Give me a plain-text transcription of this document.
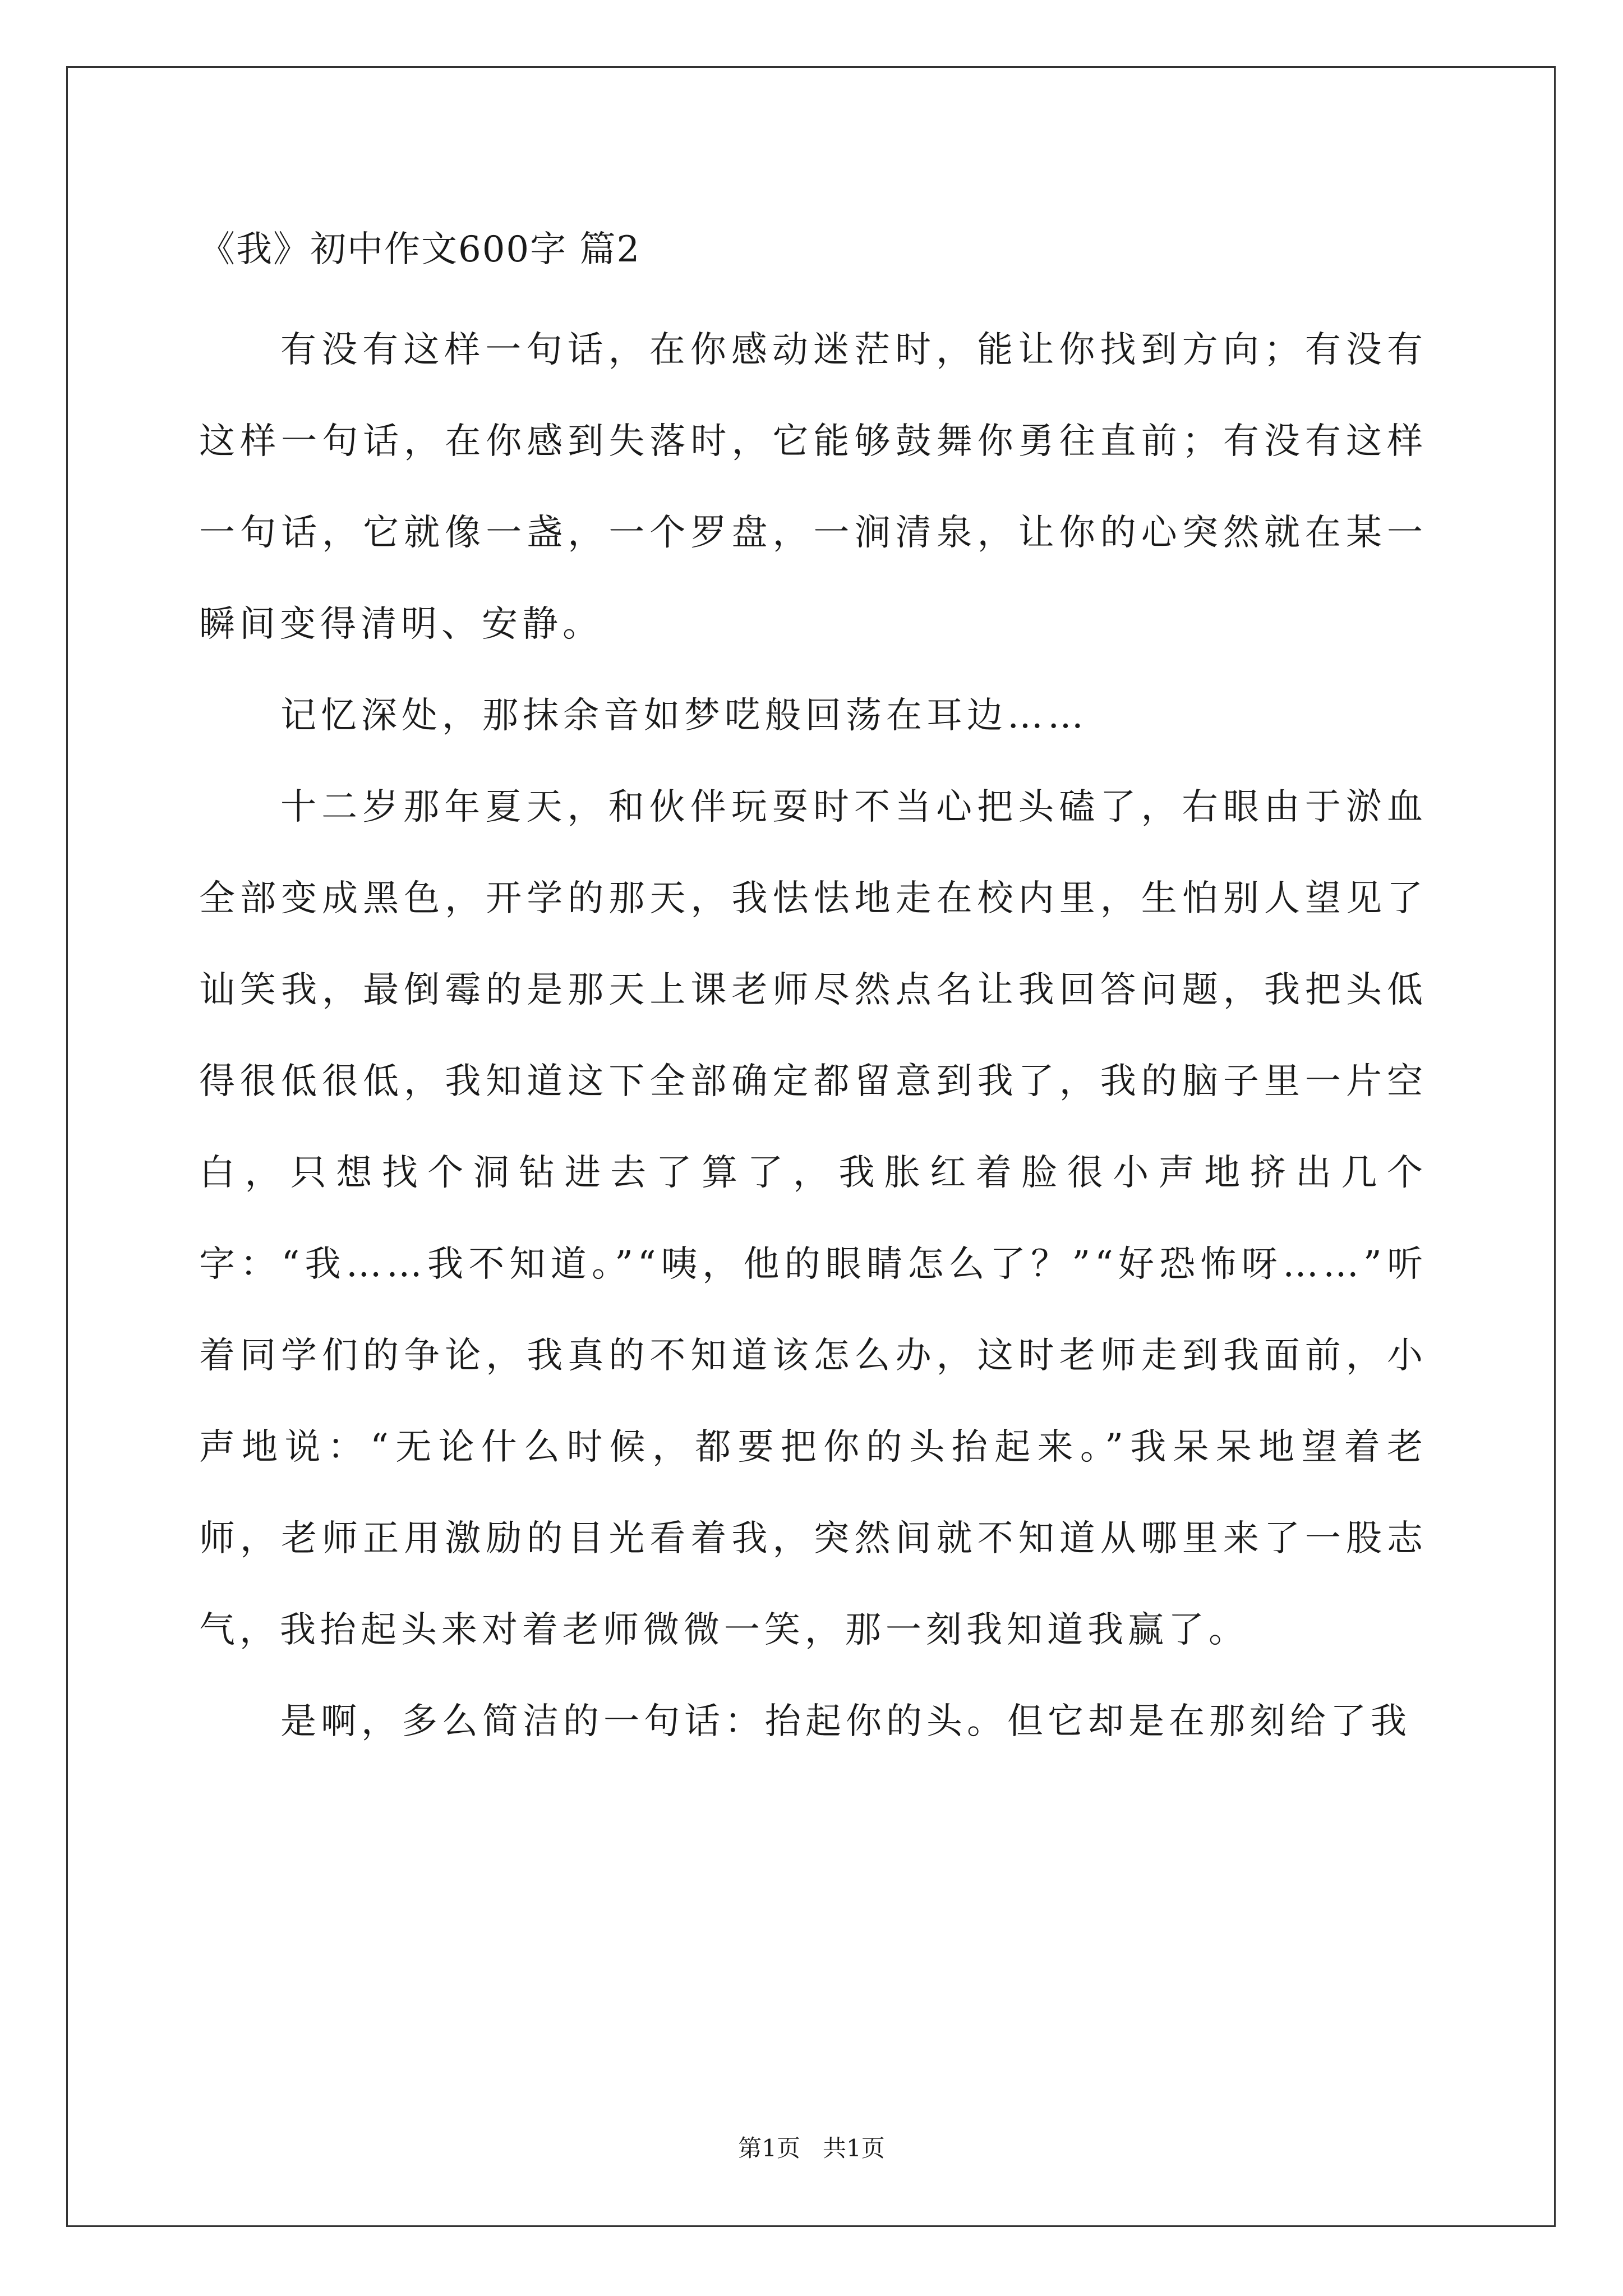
《我》初中作文600字 篇2

有没有这样一句话，在你感动迷茫时，能让你找到方向；有没有这样一句话，在你感到失落时，它能够鼓舞你勇往直前；有没有这样一句话，它就像一盏，一个罗盘，一涧清泉，让你的心突然就在某一瞬间变得清明、安静。

记忆深处，那抹余音如梦呓般回荡在耳边……

十二岁那年夏天，和伙伴玩耍时不当心把头磕了，右眼由于淤血全部变成黑色，开学的那天，我怯怯地走在校内里，生怕别人望见了讪笑我，最倒霉的是那天上课老师尽然点名让我回答问题，我把头低得很低很低，我知道这下全部确定都留意到我了，我的脑子里一片空白，只想找个洞钻进去了算了，我胀红着脸很小声地挤出几个字：“我……我不知道。”“咦，他的眼睛怎么了？”“好恐怖呀……”听着同学们的争论，我真的不知道该怎么办，这时老师走到我面前，小声地说：“无论什么时候，都要把你的头抬起来。”我呆呆地望着老师，老师正用激励的目光看着我，突然间就不知道从哪里来了一股志气，我抬起头来对着老师微微一笑，那一刻我知道我赢了。

是啊，多么简洁的一句话：抬起你的头。但它却是在那刻给了我

第1页   共1页
